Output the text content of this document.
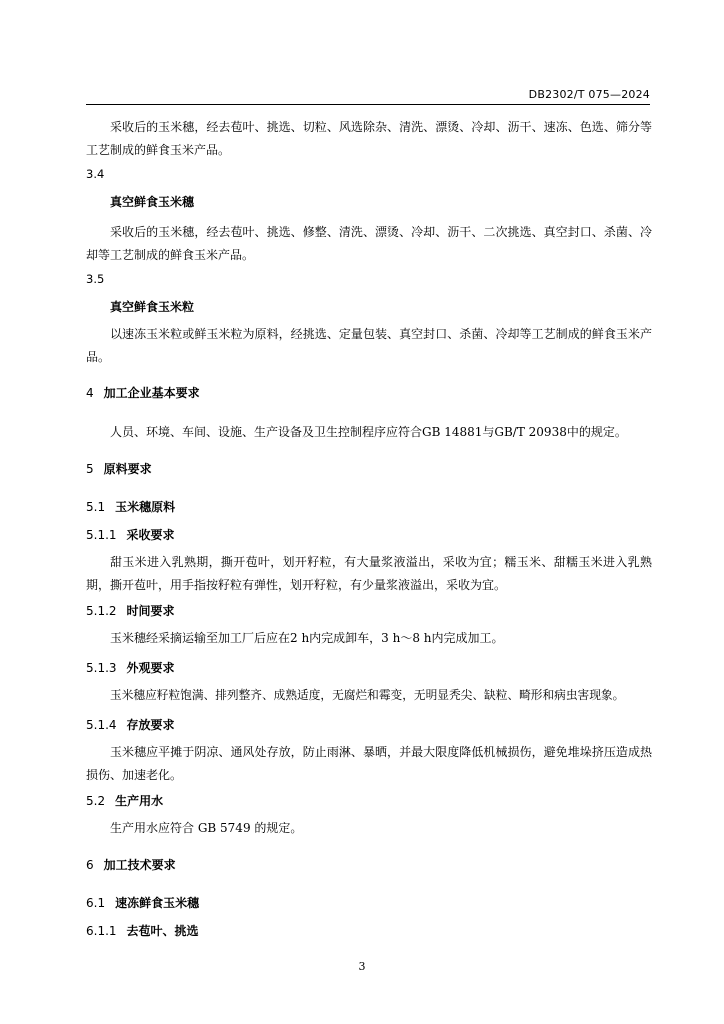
DB2302/T 075—2024

采收后的玉米穗，经去苞叶、挑选、切粒、风选除杂、清洗、漂烫、冷却、沥干、速冻、色选、筛分等工艺制成的鲜食玉米产品。

3.4
真空鲜食玉米穗

采收后的玉米穗，经去苞叶、挑选、修整、清洗、漂烫、冷却、沥干、二次挑选、真空封口、杀菌、冷却等工艺制成的鲜食玉米产品。

3.5
真空鲜食玉米粒

以速冻玉米粒或鲜玉米粒为原料，经挑选、定量包装、真空封口、杀菌、冷却等工艺制成的鲜食玉米产品。

4 加工企业基本要求

人员、环境、车间、设施、生产设备及卫生控制程序应符合GB 14881与GB/T 20938中的规定。

5 原料要求
5.1 玉米穗原料
5.1.1 采收要求

甜玉米进入乳熟期，撕开苞叶，划开籽粒，有大量浆液溢出，采收为宜；糯玉米、甜糯玉米进入乳熟期，撕开苞叶，用手指按籽粒有弹性，划开籽粒，有少量浆液溢出，采收为宜。

5.1.2 时间要求

玉米穗经采摘运输至加工厂后应在2 h内完成卸车，3 h～8 h内完成加工。

5.1.3 外观要求

玉米穗应籽粒饱满、排列整齐、成熟适度，无腐烂和霉变，无明显秃尖、缺粒、畸形和病虫害现象。

5.1.4 存放要求

玉米穗应平摊于阴凉、通风处存放，防止雨淋、暴晒，并最大限度降低机械损伤，避免堆垛挤压造成热损伤、加速老化。

5.2 生产用水

生产用水应符合 GB 5749 的规定。

6 加工技术要求
6.1 速冻鲜食玉米穗
6.1.1 去苞叶、挑选
3
